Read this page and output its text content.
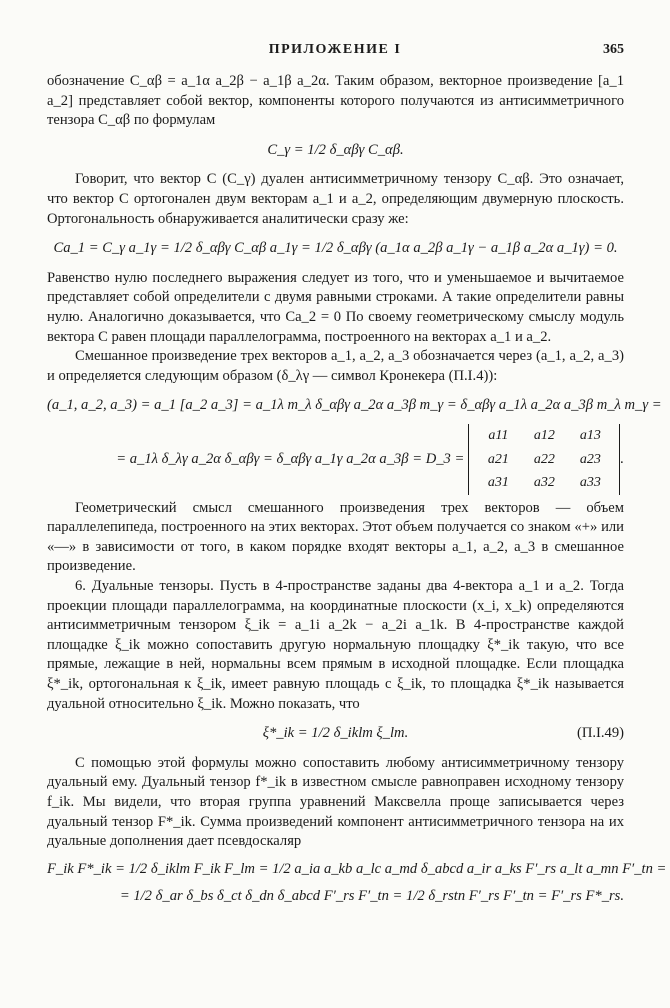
ПРИЛОЖЕНИЕ I	365

обозначение C_αβ = a_1α a_2β − a_1β a_2α. Таким образом, векторное произведение [a_1 a_2] представляет собой вектор, компоненты которого получаются из антисимметричного тензора C_αβ по формулам

C_γ = 1/2 δ_αβγ C_αβ.

Говорит, что вектор C (C_γ) дуален антисимметричному тензору C_αβ. Это означает, что вектор C ортогонален двум векторам a_1 и a_2, определяющим двумерную плоскость. Ортогональность обнаруживается аналитически сразу же:

Ca_1 = C_γ a_1γ = 1/2 δ_αβγ C_αβ a_1γ = 1/2 δ_αβγ (a_1α a_2β a_1γ − a_1β a_2α a_1γ) = 0.

Равенство нулю последнего выражения следует из того, что и уменьшаемое и вычитаемое представляет собой определители с двумя равными строками. А такие определители равны нулю. Аналогично доказывается, что Ca_2 = 0 По своему геометрическому смыслу модуль вектора C равен площади параллелограмма, построенного на векторах a_1 и a_2.

Смешанное произведение трех векторов a_1, a_2, a_3 обозначается через (a_1, a_2, a_3) и определяется следующим образом (δ_λγ — символ Кронекера (П.I.4)):

(a_1, a_2, a_3) = a_1 [a_2 a_3] = a_1λ m_λ δ_αβγ a_2α a_3β m_γ = δ_αβγ a_1λ a_2α a_3β m_λ m_γ =
= a_1λ δ_λγ a_2α δ_αβγ = δ_αβγ a_1γ a_2α a_3β = D_3 =
a11	a12	a13
a21	a22	a23
a31	a32	a33
.

Геометрический смысл смешанного произведения трех векторов — объем параллелепипеда, построенного на этих векторах. Этот объем получается со знаком «+» или «—» в зависимости от того, в каком порядке входят векторы a_1, a_2, a_3 в смешанное произведение.

6. Дуальные тензоры. Пусть в 4-пространстве заданы два 4-вектора a_1 и a_2. Тогда проекции площади параллелограмма, на координатные плоскости (x_i, x_k) определяются антисимметричным тензором ξ_ik = a_1i a_2k − a_2i a_1k. В 4-пространстве каждой площадке ξ_ik можно сопоставить другую нормальную площадку ξ*_ik такую, что все прямые, лежащие в ней, нормальны всем прямым в исходной площадке. Если площадка ξ*_ik, ортогональная к ξ_ik, имеет равную площадь с ξ_ik, то площадка ξ*_ik называется дуальной относительно ξ_ik. Можно показать, что

ξ*_ik = 1/2 δ_iklm ξ_lm.	(П.I.49)

С помощью этой формулы можно сопоставить любому антисимметричному тензору дуальный ему. Дуальный тензор f*_ik в известном смысле равноправен исходному тензору f_ik. Мы видели, что вторая группа уравнений Максвелла проще записывается через дуальный тензор F*_ik. Сумма произведений компонент антисимметричного тензора на их дуальные дополнения дает псевдоскаляр

F_ik F*_ik = 1/2 δ_iklm F_ik F_lm = 1/2 a_ia a_kb a_lc a_md δ_abcd a_ir a_ks F′_rs a_lt a_mn F′_tn =
= 1/2 δ_ar δ_bs δ_ct δ_dn δ_abcd F′_rs F′_tn = 1/2 δ_rstn F′_rs F′_tn = F′_rs F*_rs.
